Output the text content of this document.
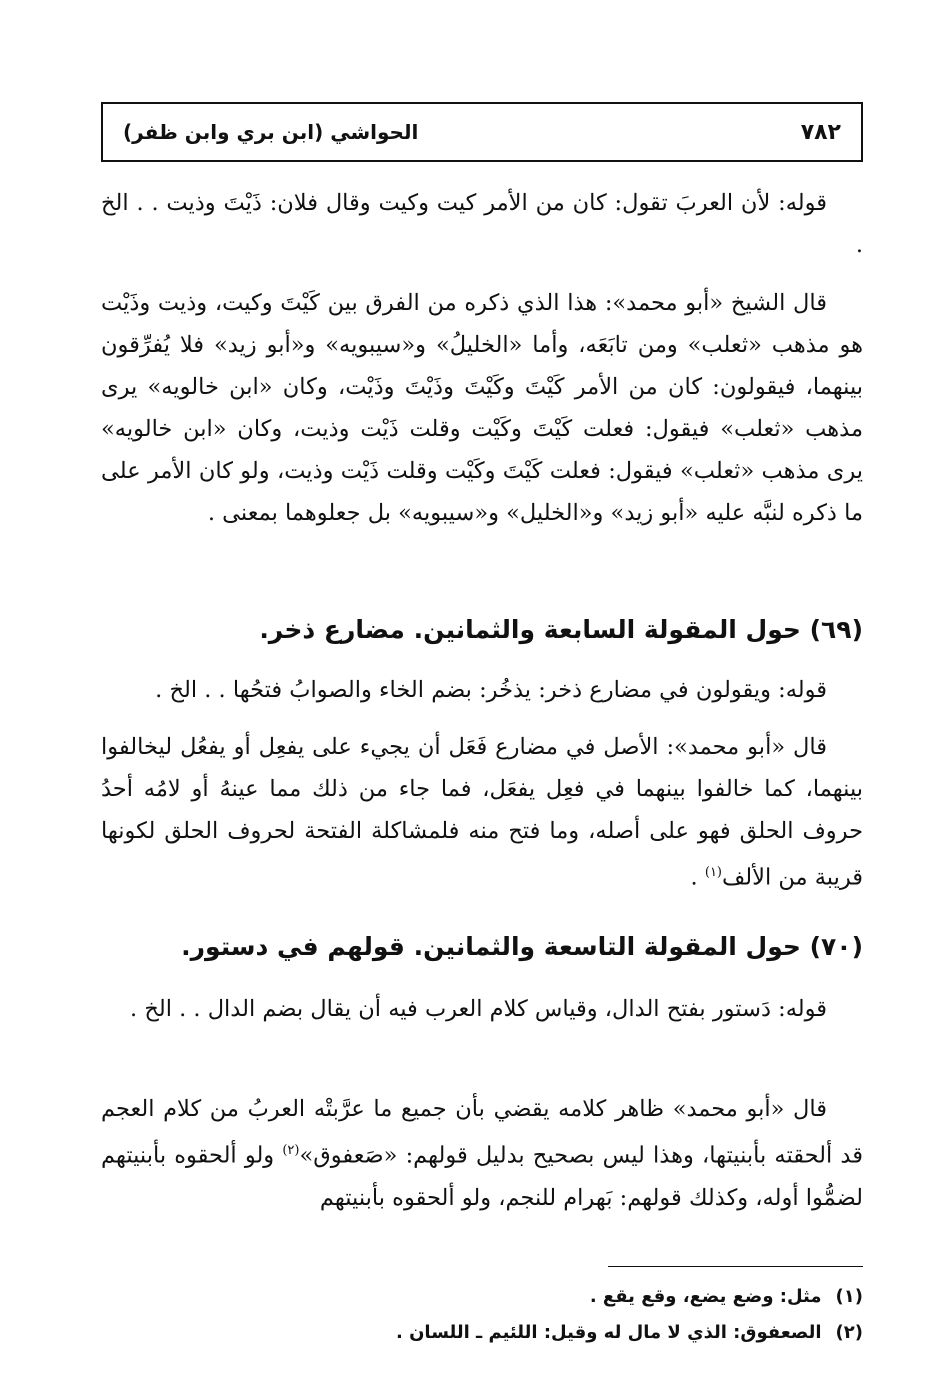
٧٨٢
الحواشي (ابن بري وابن ظفر)

قوله: لأن العربَ تقول: كان من الأمر كيت وكيت وقال فلان: ذَيْتَ وذيت . . الخ .

قال الشيخ «أبو محمد»: هذا الذي ذكره من الفرق بين كَيْتَ وكيت، وذيت وذَيْت هو مذهب «ثعلب» ومن تابَعَه، وأما «الخليلُ» و«سيبويه» و«أبو زيد» فلا يُفرِّقون بينهما، فيقولون: كان من الأمر كَيْتَ وكَيْتَ وذَيْتَ وذَيْت، وكان «ابن خالويه» يرى مذهب «ثعلب» فيقول: فعلت كَيْتَ وكَيْت وقلت ذَيْت وذيت، وكان «ابن خالويه» يرى مذهب «ثعلب» فيقول: فعلت كَيْتَ وكَيْت وقلت ذَيْت وذيت، ولو كان الأمر على ما ذكره لنبَّه عليه «أبو زيد» و«الخليل» و«سيبويه» بل جعلوهما بمعنى .

(٦٩) حول المقولة السابعة والثمانين. مضارع ذخر.

قوله: ويقولون في مضارع ذخر: يذخُر: بضم الخاء والصوابُ فتحُها . . الخ .

قال «أبو محمد»: الأصل في مضارع فَعَل أن يجيء على يفعِل أو يفعُل ليخالفوا بينهما، كما خالفوا بينهما في فعِل يفعَل، فما جاء من ذلك مما عينهُ أو لامُه أحدُ حروف الحلق فهو على أصله، وما فتح منه فلمشاكلة الفتحة لحروف الحلق لكونها قريبة من الألف$^{(١)}$ .

(٧٠) حول المقولة التاسعة والثمانين. قولهم في دستور.

قوله: دَستور بفتح الدال، وقياس كلام العرب فيه أن يقال بضم الدال . . الخ .

قال «أبو محمد» ظاهر كلامه يقضي بأن جميع ما عرَّبتْه العربُ من كلام العجم قد ألحقته بأبنيتها، وهذا ليس بصحيح بدليل قولهم: «صَعفوق»$^{(٢)}$ ولو ألحقوه بأبنيتهم لضمُّوا أوله، وكذلك قولهم: بَهرام للنجم، ولو ألحقوه بأبنيتهم

(١)مثل: وضع يضع، وقع يقع .
(٢)الصعفوق: الذي لا مال له وقيل: اللئيم ـ اللسان .
